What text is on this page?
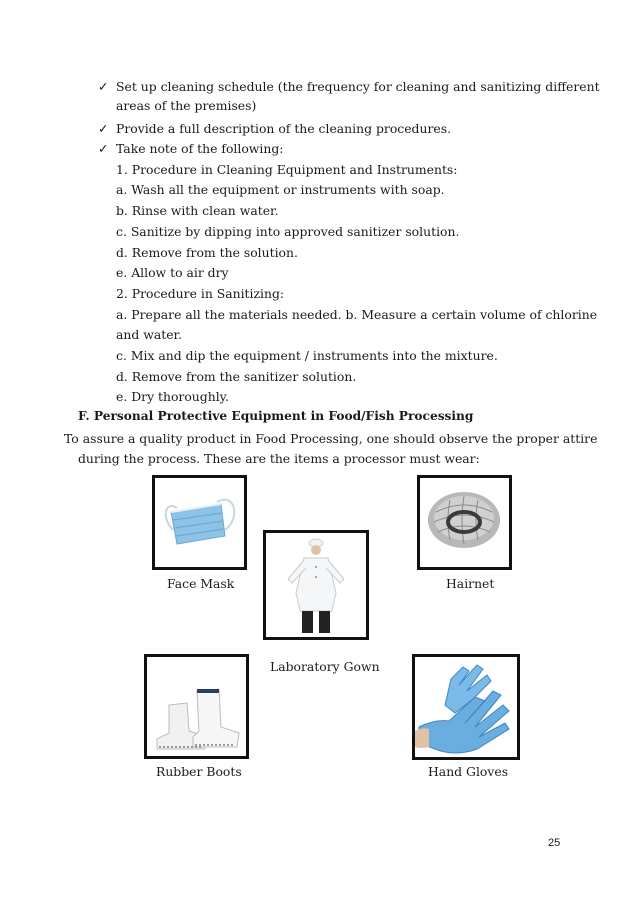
✓ Set up cleaning schedule (the frequency for cleaning and sanitizing different
areas of the premises)
✓ Provide a full description of the cleaning procedures.
✓ Take note of the following:
1. Procedure in Cleaning Equipment and Instruments:
a. Wash all the equipment or instruments with soap.
b. Rinse with clean water.
c. Sanitize by dipping into approved sanitizer solution.
d. Remove from the solution.
e. Allow to air dry
2. Procedure in Sanitizing:
a. Prepare all the materials needed. b. Measure a certain volume of chlorine
and water.
c. Mix and dip the equipment / instruments into the mixture.
d. Remove from the sanitizer solution.
e. Dry thoroughly.
F. Personal Protective Equipment in Food/Fish Processing
To assure a quality product in Food Processing, one should observe the proper attire
during the process. These are the items a processor must wear:
Face Mask	Hairnet
Laboratory Gown
Rubber Boots	Hand Gloves
25
